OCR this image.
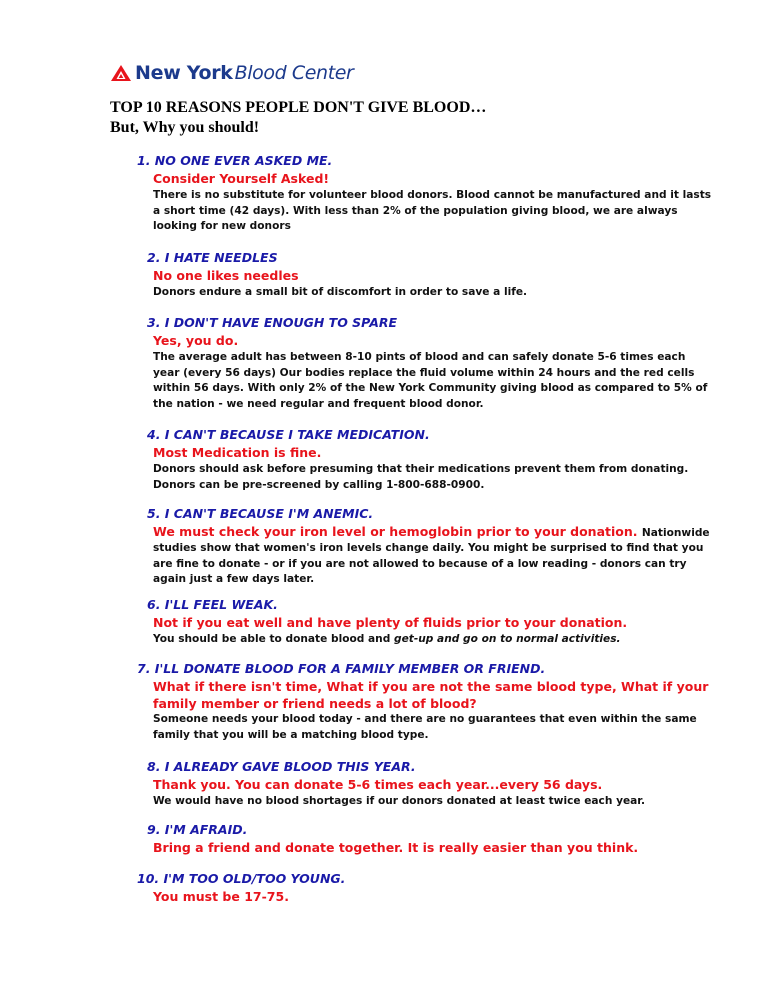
New York Blood Center
TOP 10 REASONS PEOPLE DON'T GIVE BLOOD…
But, Why you should!
1. NO ONE EVER ASKED ME.
Consider Yourself Asked!
There is no substitute for volunteer blood donors. Blood cannot be manufactured and it lasts a short time (42 days). With less than 2% of the population giving blood, we are always looking for new donors
2. I HATE NEEDLES
No one likes needles
Donors endure a small bit of discomfort in order to save a life.
3. I DON'T HAVE ENOUGH TO SPARE
Yes, you do.
The average adult has between 8-10 pints of blood and can safely donate 5-6 times each year (every 56 days) Our bodies replace the fluid volume within 24 hours and the red cells within 56 days. With only 2% of the New York Community giving blood as compared to 5% of the nation - we need regular and frequent blood donor.
4. I CAN'T BECAUSE I TAKE MEDICATION.
Most Medication is fine.
Donors should ask before presuming that their medications prevent them from donating. Donors can be pre-screened by calling 1-800-688-0900.
5. I CAN'T BECAUSE I'M ANEMIC.
We must check your iron level or hemoglobin prior to your donation. Nationwide
studies show that women's iron levels change daily. You might be surprised to find that you are fine to donate - or if you are not allowed to because of a low reading - donors can try again just a few days later.
6. I'LL FEEL WEAK.
Not if you eat well and have plenty of fluids prior to your donation.
You should be able to donate blood and get-up and go on to normal activities.
7. I'LL DONATE BLOOD FOR A FAMILY MEMBER OR FRIEND.
What if there isn't time, What if you are not the same blood type, What if your family member or friend needs a lot of blood?
Someone needs your blood today - and there are no guarantees that even within the same family that you will be a matching blood type.
8. I ALREADY GAVE BLOOD THIS YEAR.
Thank you. You can donate 5-6 times each year...every 56 days.
We would have no blood shortages if our donors donated at least twice each year.
9. I'M AFRAID.
Bring a friend and donate together. It is really easier than you think.
10. I'M TOO OLD/TOO YOUNG.
You must be 17-75.
